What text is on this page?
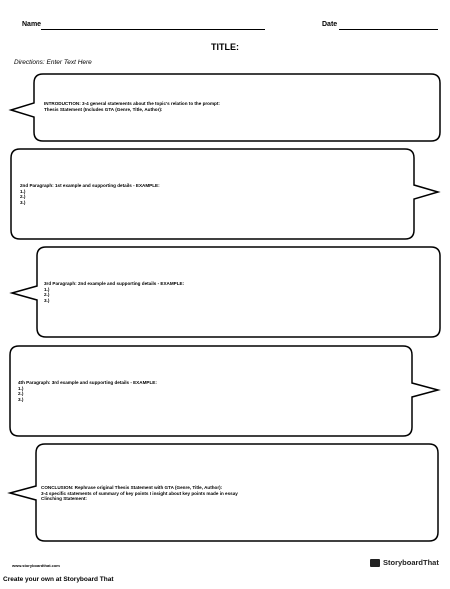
Name	Date
TITLE:
Directions: Enter Text Here
INTRODUCTION: 3-4 general statements about the topic's relation to the prompt:
Thesis Statement (Includes GTA (Genre, Title, Author):
2nd Paragraph: 1st example and supporting details - EXAMPLE:
1.)
2.)
3.)
3rd Paragraph: 2nd example and supporting details - EXAMPLE:
1.)
2.)
3.)
4th Paragraph: 3rd example and supporting details - EXAMPLE:
1.)
2.)
3.)
CONCLUSION: Rephrase original Thesis Statement with GTA (Genre, Title, Author):
3-4 specific statements of summary of key points I insight about key points made in essay
Clinching Statement:
www.storyboardthat.com	StoryboardThat
Create your own at Storyboard That
